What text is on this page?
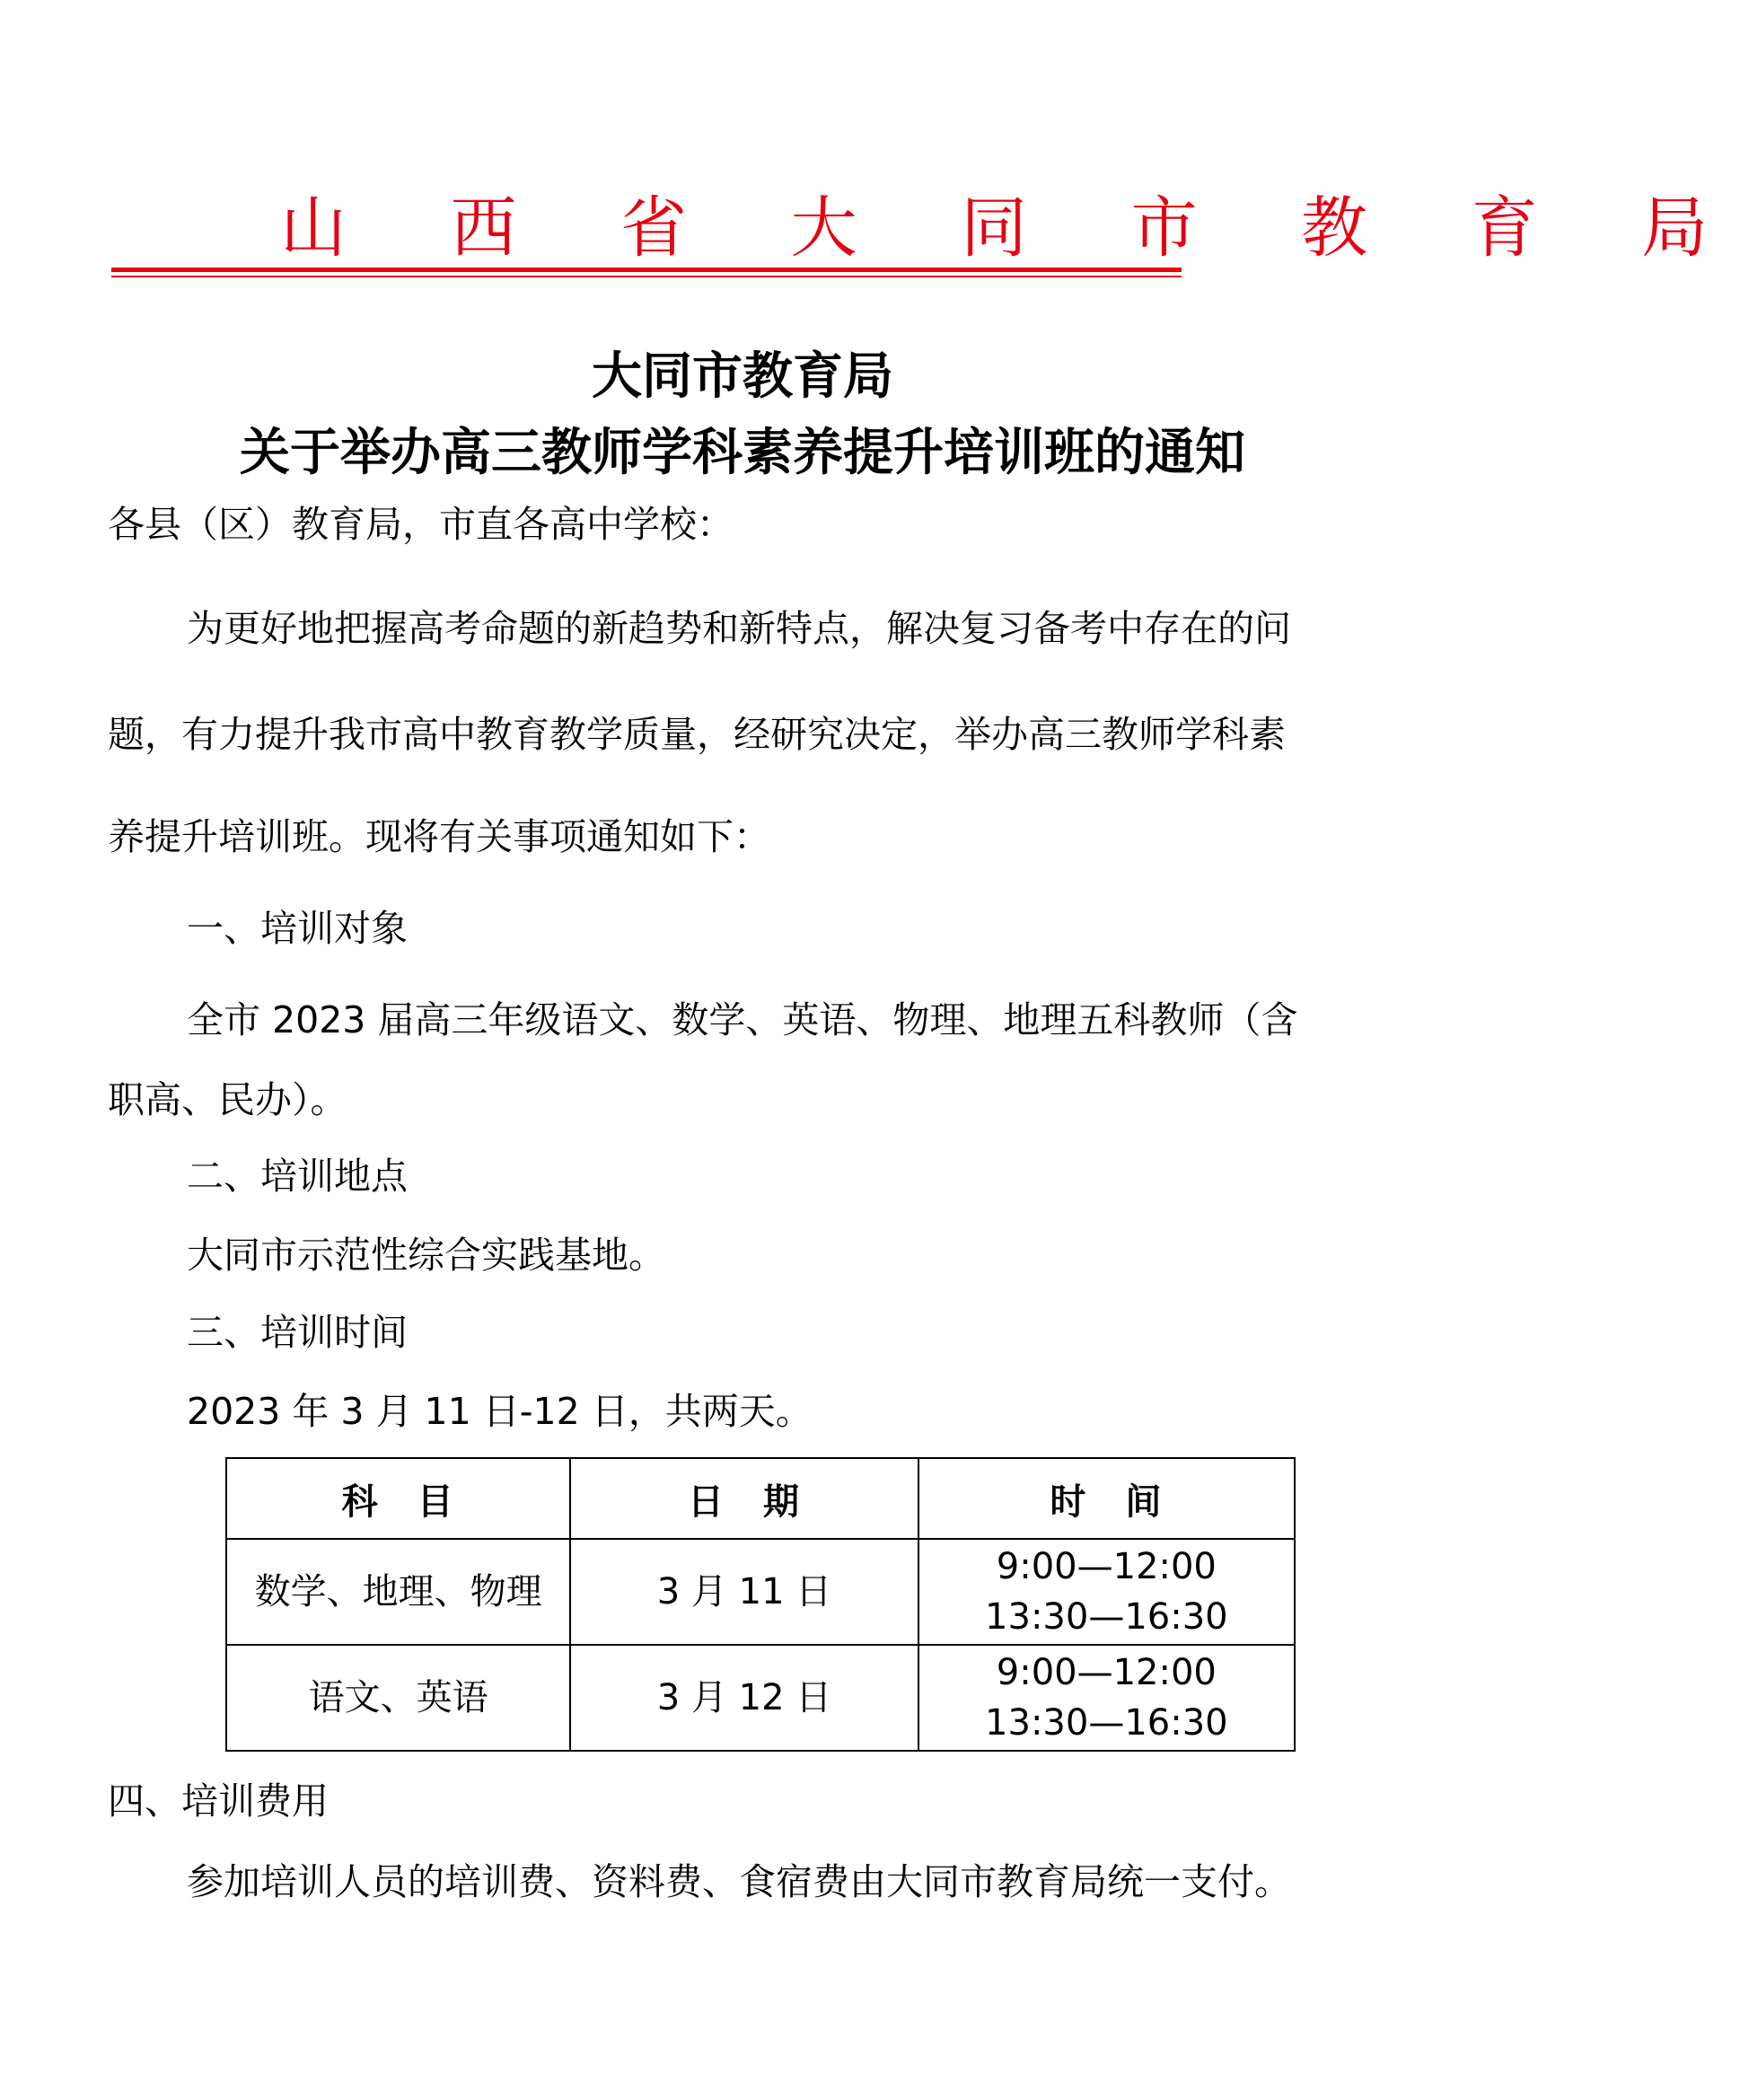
山 西 省 大 同 市 教 育 局
大同市教育局
关于举办高三教师学科素养提升培训班的通知
各县（区）教育局，市直各高中学校：
为更好地把握高考命题的新趋势和新特点，解决复习备考中存在的问
题，有力提升我市高中教育教学质量，经研究决定，举办高三教师学科素
养提升培训班。现将有关事项通知如下：
一、培训对象
全市 2023 届高三年级语文、数学、英语、物理、地理五科教师（含
职高、民办）。
二、培训地点
大同市示范性综合实践基地。
三、培训时间
2023 年 3 月 11 日-12 日，共两天。
科　目	日　期	时　间
数学、地理、物理	3 月 11 日	9:00—12:00
13:30—16:30

语文、英语	3 月 12 日	9:00—12:00
13:30—16:30
四、培训费用
参加培训人员的培训费、资料费、食宿费由大同市教育局统一支付。
